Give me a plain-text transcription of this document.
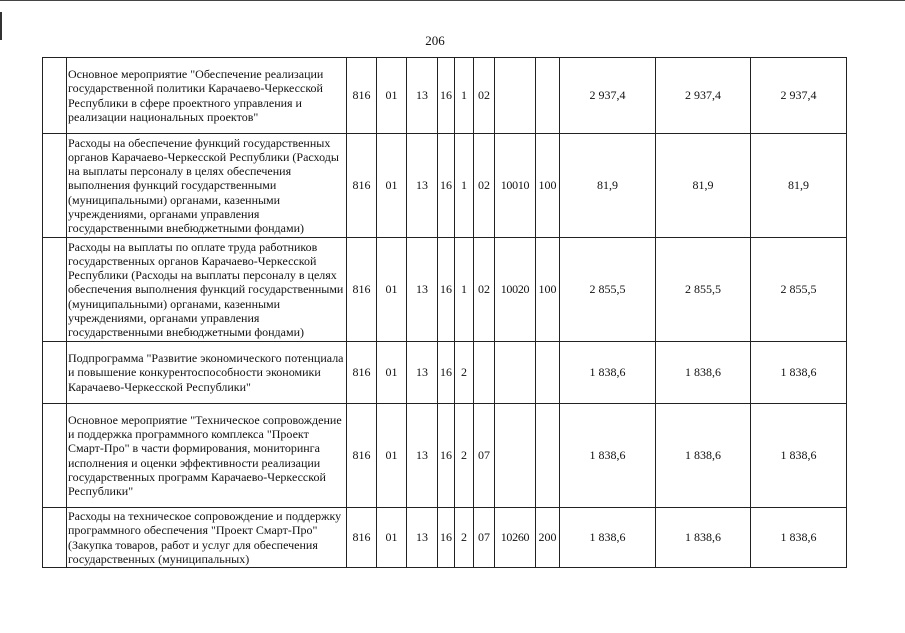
206
	Основное мероприятие "Обеспечение реализации государственной политики Карачаево-Черкесской Республики в сфере проектного управления и реализации национальных проектов"	816	01	13	16	1	02			2 937,4	2 937,4	2 937,4
	Расходы на обеспечение функций государственных органов Карачаево-Черкесской Республики (Расходы на выплаты персоналу в целях обеспечения выполнения функций государственными (муниципальными) органами, казенными учреждениями, органами управления государственными внебюджетными фондами)	816	01	13	16	1	02	10010	100	81,9	81,9	81,9
	Расходы на выплаты по оплате труда работников государственных органов Карачаево-Черкесской Республики (Расходы на выплаты персоналу в целях обеспечения выполнения функций государственными (муниципальными) органами, казенными учреждениями, органами управления государственными внебюджетными фондами)	816	01	13	16	1	02	10020	100	2 855,5	2 855,5	2 855,5
	Подпрограмма "Развитие экономического потенциала и повышение конкурентоспособности экономики Карачаево-Черкесской Республики"	816	01	13	16	2				1 838,6	1 838,6	1 838,6
	Основное мероприятие "Техническое сопровождение и поддержка программного комплекса "Проект Смарт-Про" в части формирования, мониторинга исполнения и оценки эффективности реализации государственных программ Карачаево-Черкесской Республики"	816	01	13	16	2	07			1 838,6	1 838,6	1 838,6
	Расходы на техническое сопровождение и поддержку программного обеспечения "Проект Смарт-Про" (Закупка товаров, работ и услуг для обеспечения государственных (муниципальных)	816	01	13	16	2	07	10260	200	1 838,6	1 838,6	1 838,6
